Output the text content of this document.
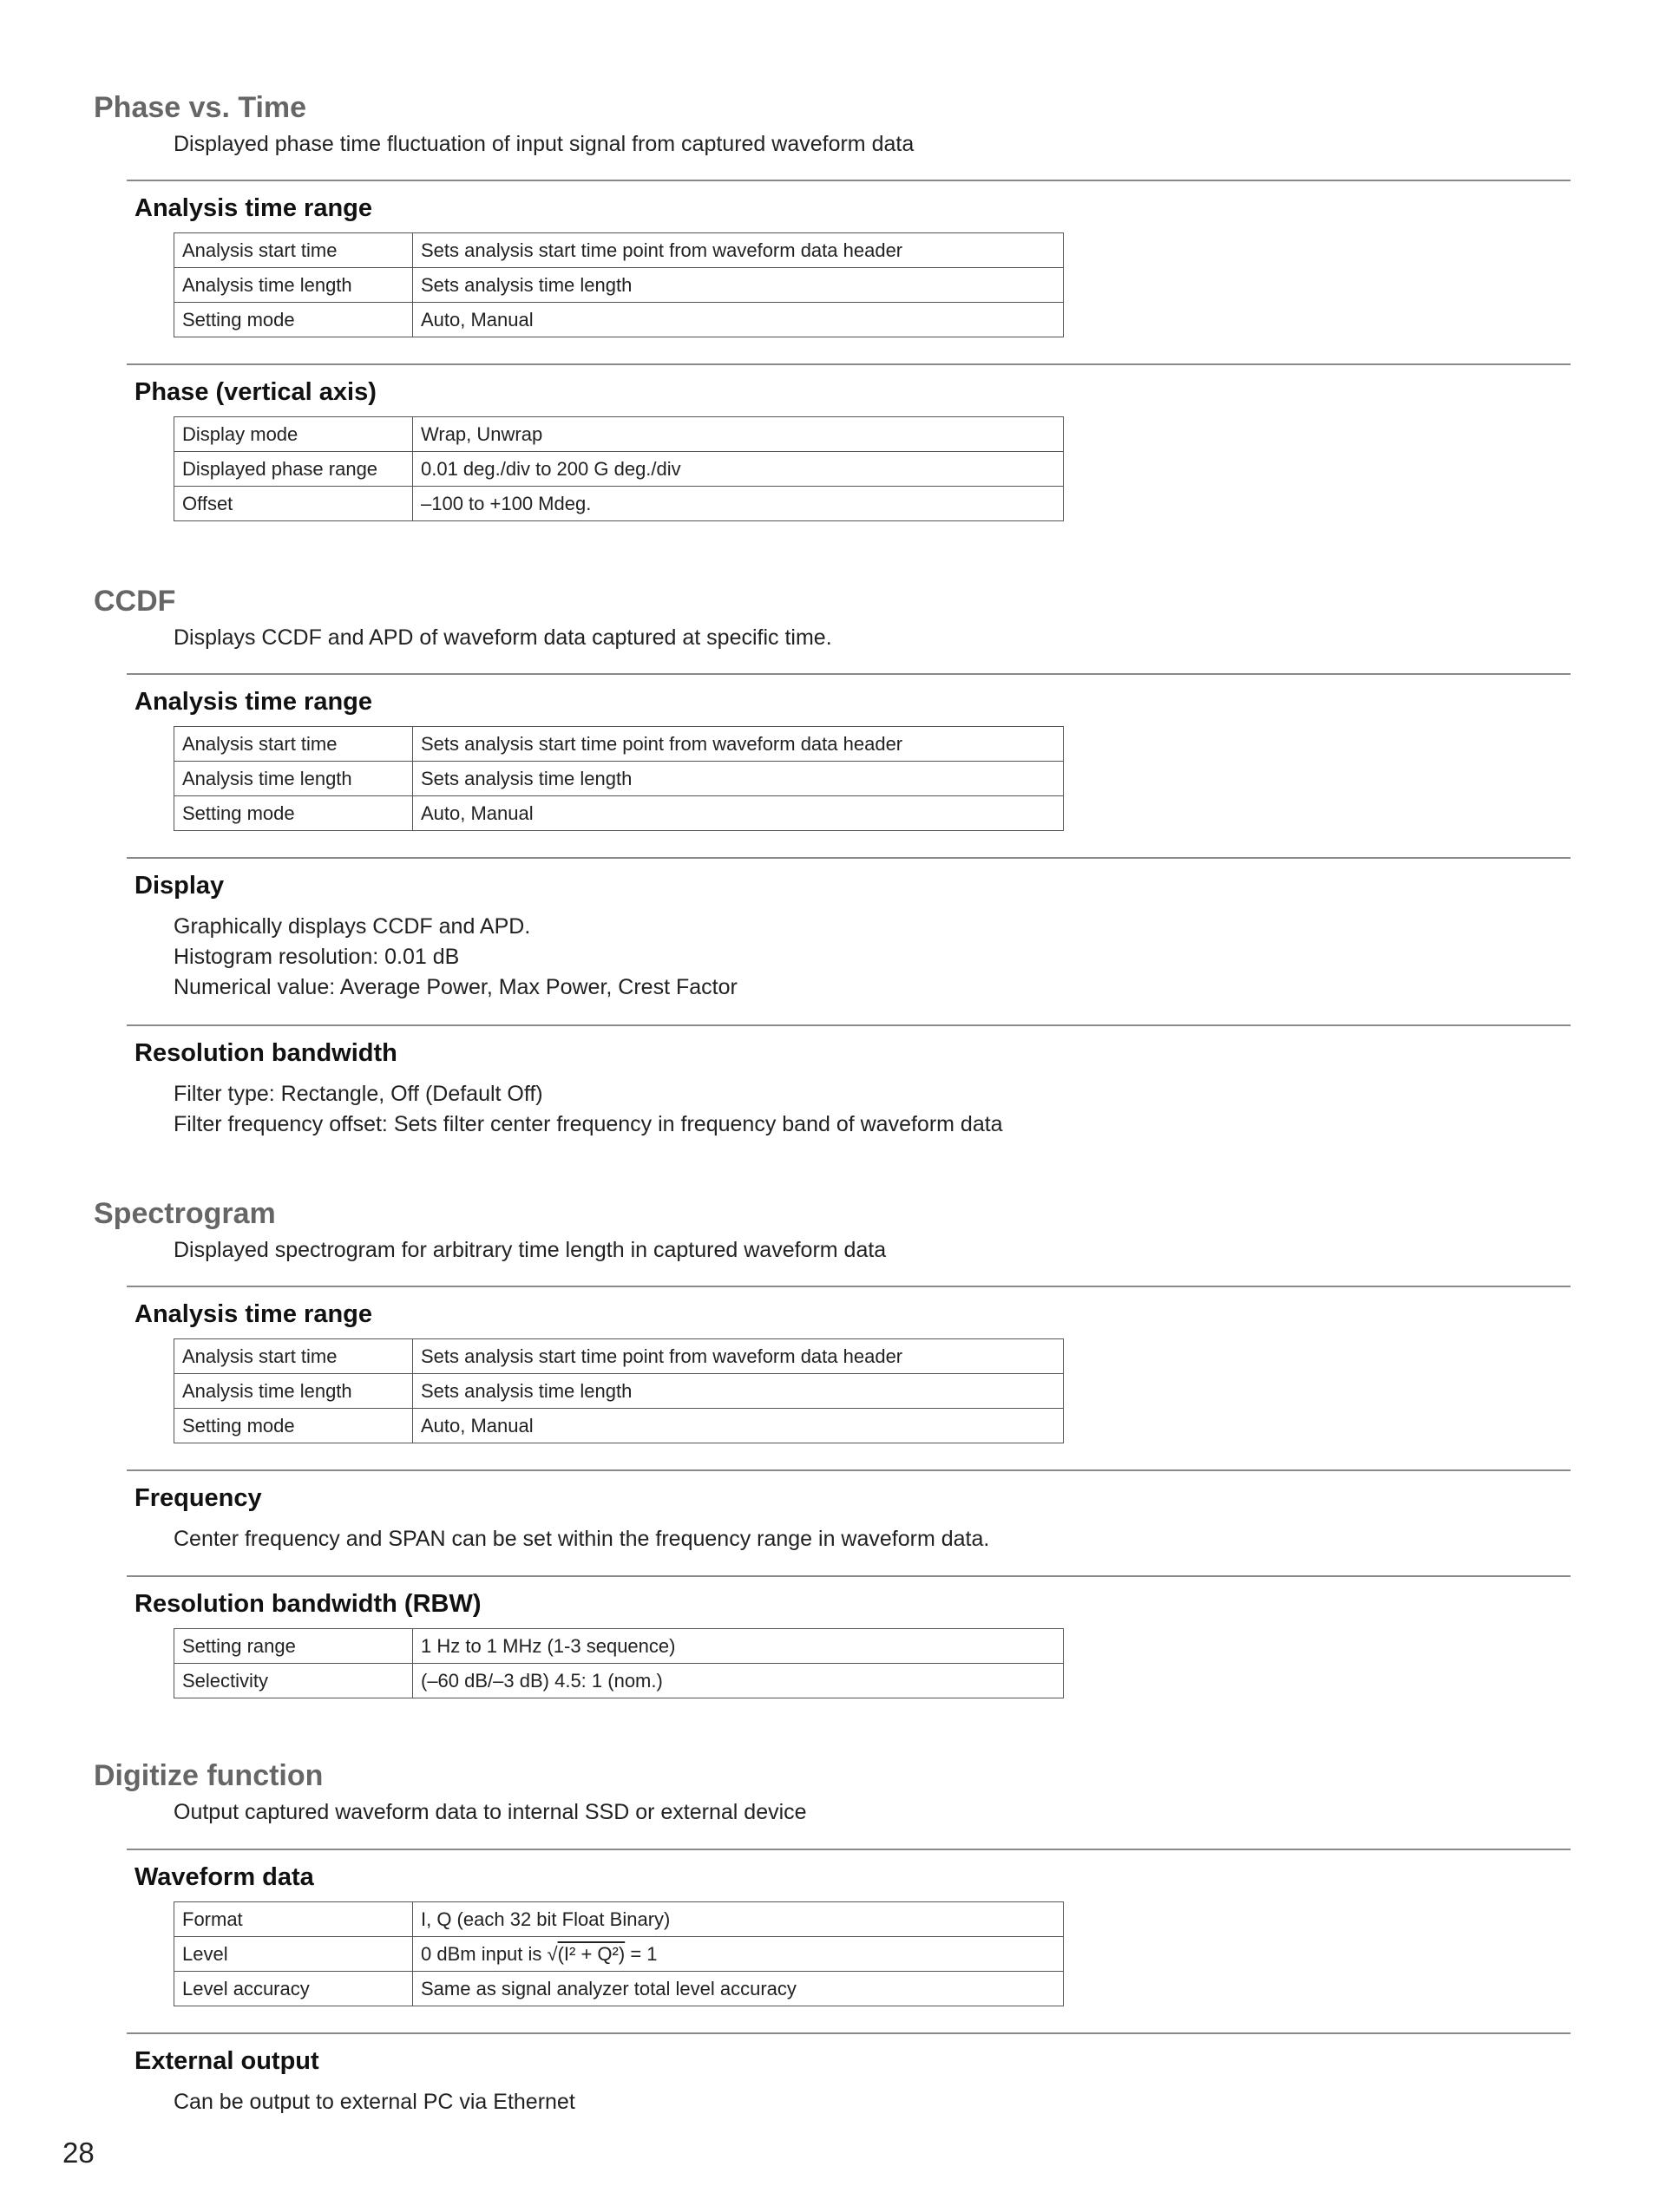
Phase vs. Time

Displayed phase time fluctuation of input signal from captured waveform data

Analysis time range
Analysis start time	Sets analysis start time point from waveform data header
Analysis time length	Sets analysis time length
Setting mode	Auto, Manual
Phase (vertical axis)
Display mode	Wrap, Unwrap
Displayed phase range	0.01 deg./div to 200 G deg./div
Offset	–100 to +100 Mdeg.
CCDF

Displays CCDF and APD of waveform data captured at specific time.

Analysis time range
Analysis start time	Sets analysis start time point from waveform data header
Analysis time length	Sets analysis time length
Setting mode	Auto, Manual
Display
Graphically displays CCDF and APD.
Histogram resolution: 0.01 dB
Numerical value: Average Power, Max Power, Crest Factor
Resolution bandwidth
Filter type: Rectangle, Off (Default Off)
Filter frequency offset: Sets filter center frequency in frequency band of waveform data
Spectrogram

Displayed spectrogram for arbitrary time length in captured waveform data

Analysis time range
Analysis start time	Sets analysis start time point from waveform data header
Analysis time length	Sets analysis time length
Setting mode	Auto, Manual
Frequency
Center frequency and SPAN can be set within the frequency range in waveform data.
Resolution bandwidth (RBW)
Setting range	1 Hz to 1 MHz (1-3 sequence)
Selectivity	(–60 dB/–3 dB) 4.5: 1 (nom.)
Digitize function

Output captured waveform data to internal SSD or external device

Waveform data
Format	I, Q (each 32 bit Float Binary)
Level	0 dBm input is √(I² + Q²) = 1
Level accuracy	Same as signal analyzer total level accuracy
External output
Can be output to external PC via Ethernet
28
